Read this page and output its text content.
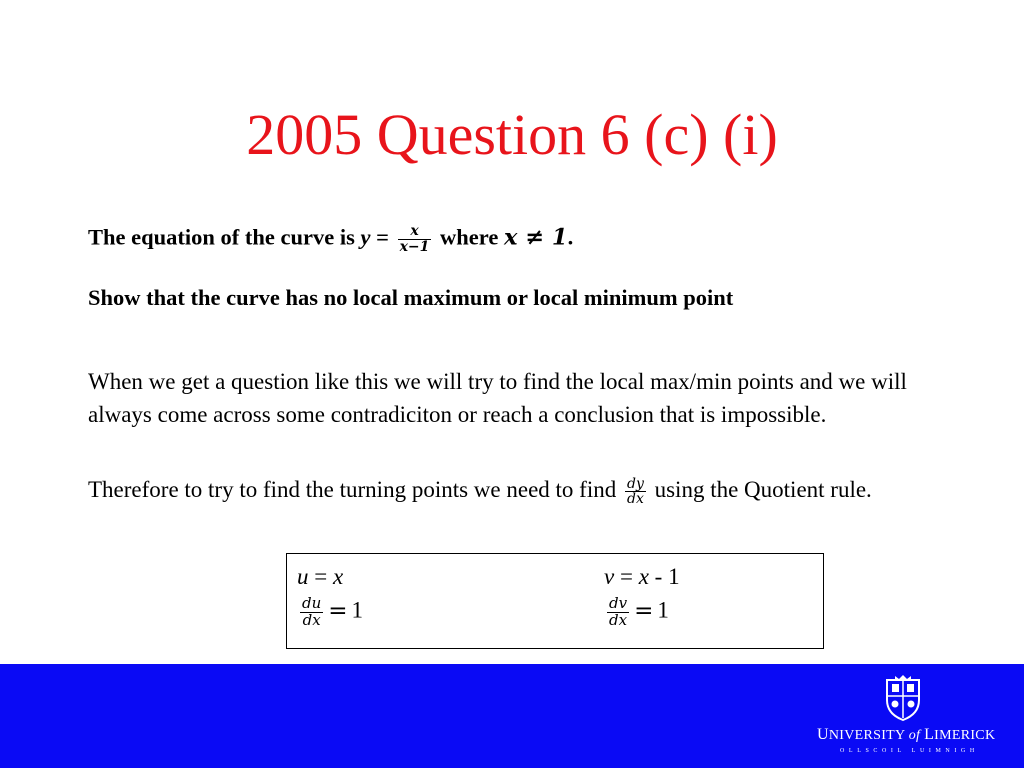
2005 Question 6 (c) (i)
The equation of the curve is $y = \frac{x}{x-1}$ where x ≠ 1.
Show that the curve has no local maximum or local minimum point
When we get a question like this we will try to find the local max/min points and we will always come across some contradiciton or reach a conclusion that is impossible.
Therefore to try to find the turning points we need to find $\frac{dy}{dx}$ using the Quotient rule.
u = x	v = x - 1
$\frac{du}{dx} = 1$	$\frac{dv}{dx} = 1$
UNIVERSITY of LIMERICK
OLLSCOIL LUIMNIGH
